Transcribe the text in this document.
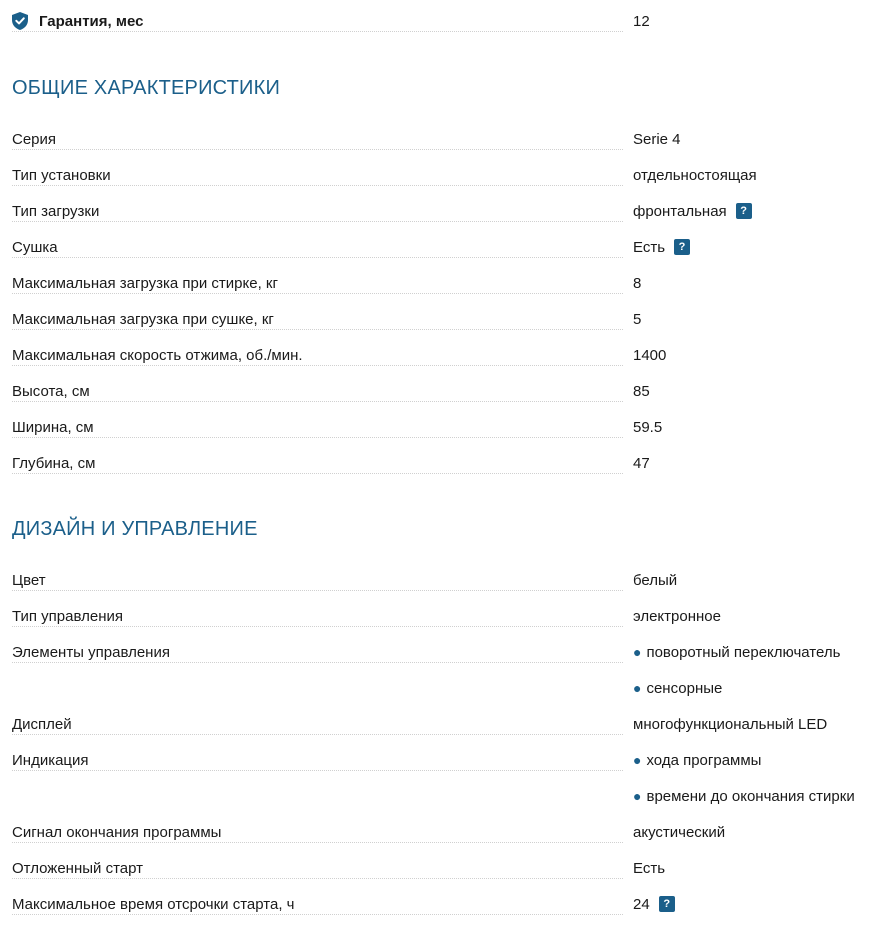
Гарантия, мес	12
ОБЩИЕ ХАРАКТЕРИСТИКИ
Серия	Serie 4
Тип установки	отдельностоящая
Тип загрузки	фронтальная	?
Сушка	Есть	?
Максимальная загрузка при стирке, кг	8
Максимальная загрузка при сушке, кг	5
Максимальная скорость отжима, об./мин.	1400
Высота, см	85
Ширина, см	59.5
Глубина, см	47
ДИЗАЙН И УПРАВЛЕНИЕ
Цвет	белый
Тип управления	электронное
Элементы управления	● поворотный переключатель
● сенсорные
Дисплей	многофункциональный LED
Индикация	● хода программы
● времени до окончания стирки
Сигнал окончания программы	акустический
Отложенный старт	Есть
Максимальное время отсрочки старта, ч	24	?
